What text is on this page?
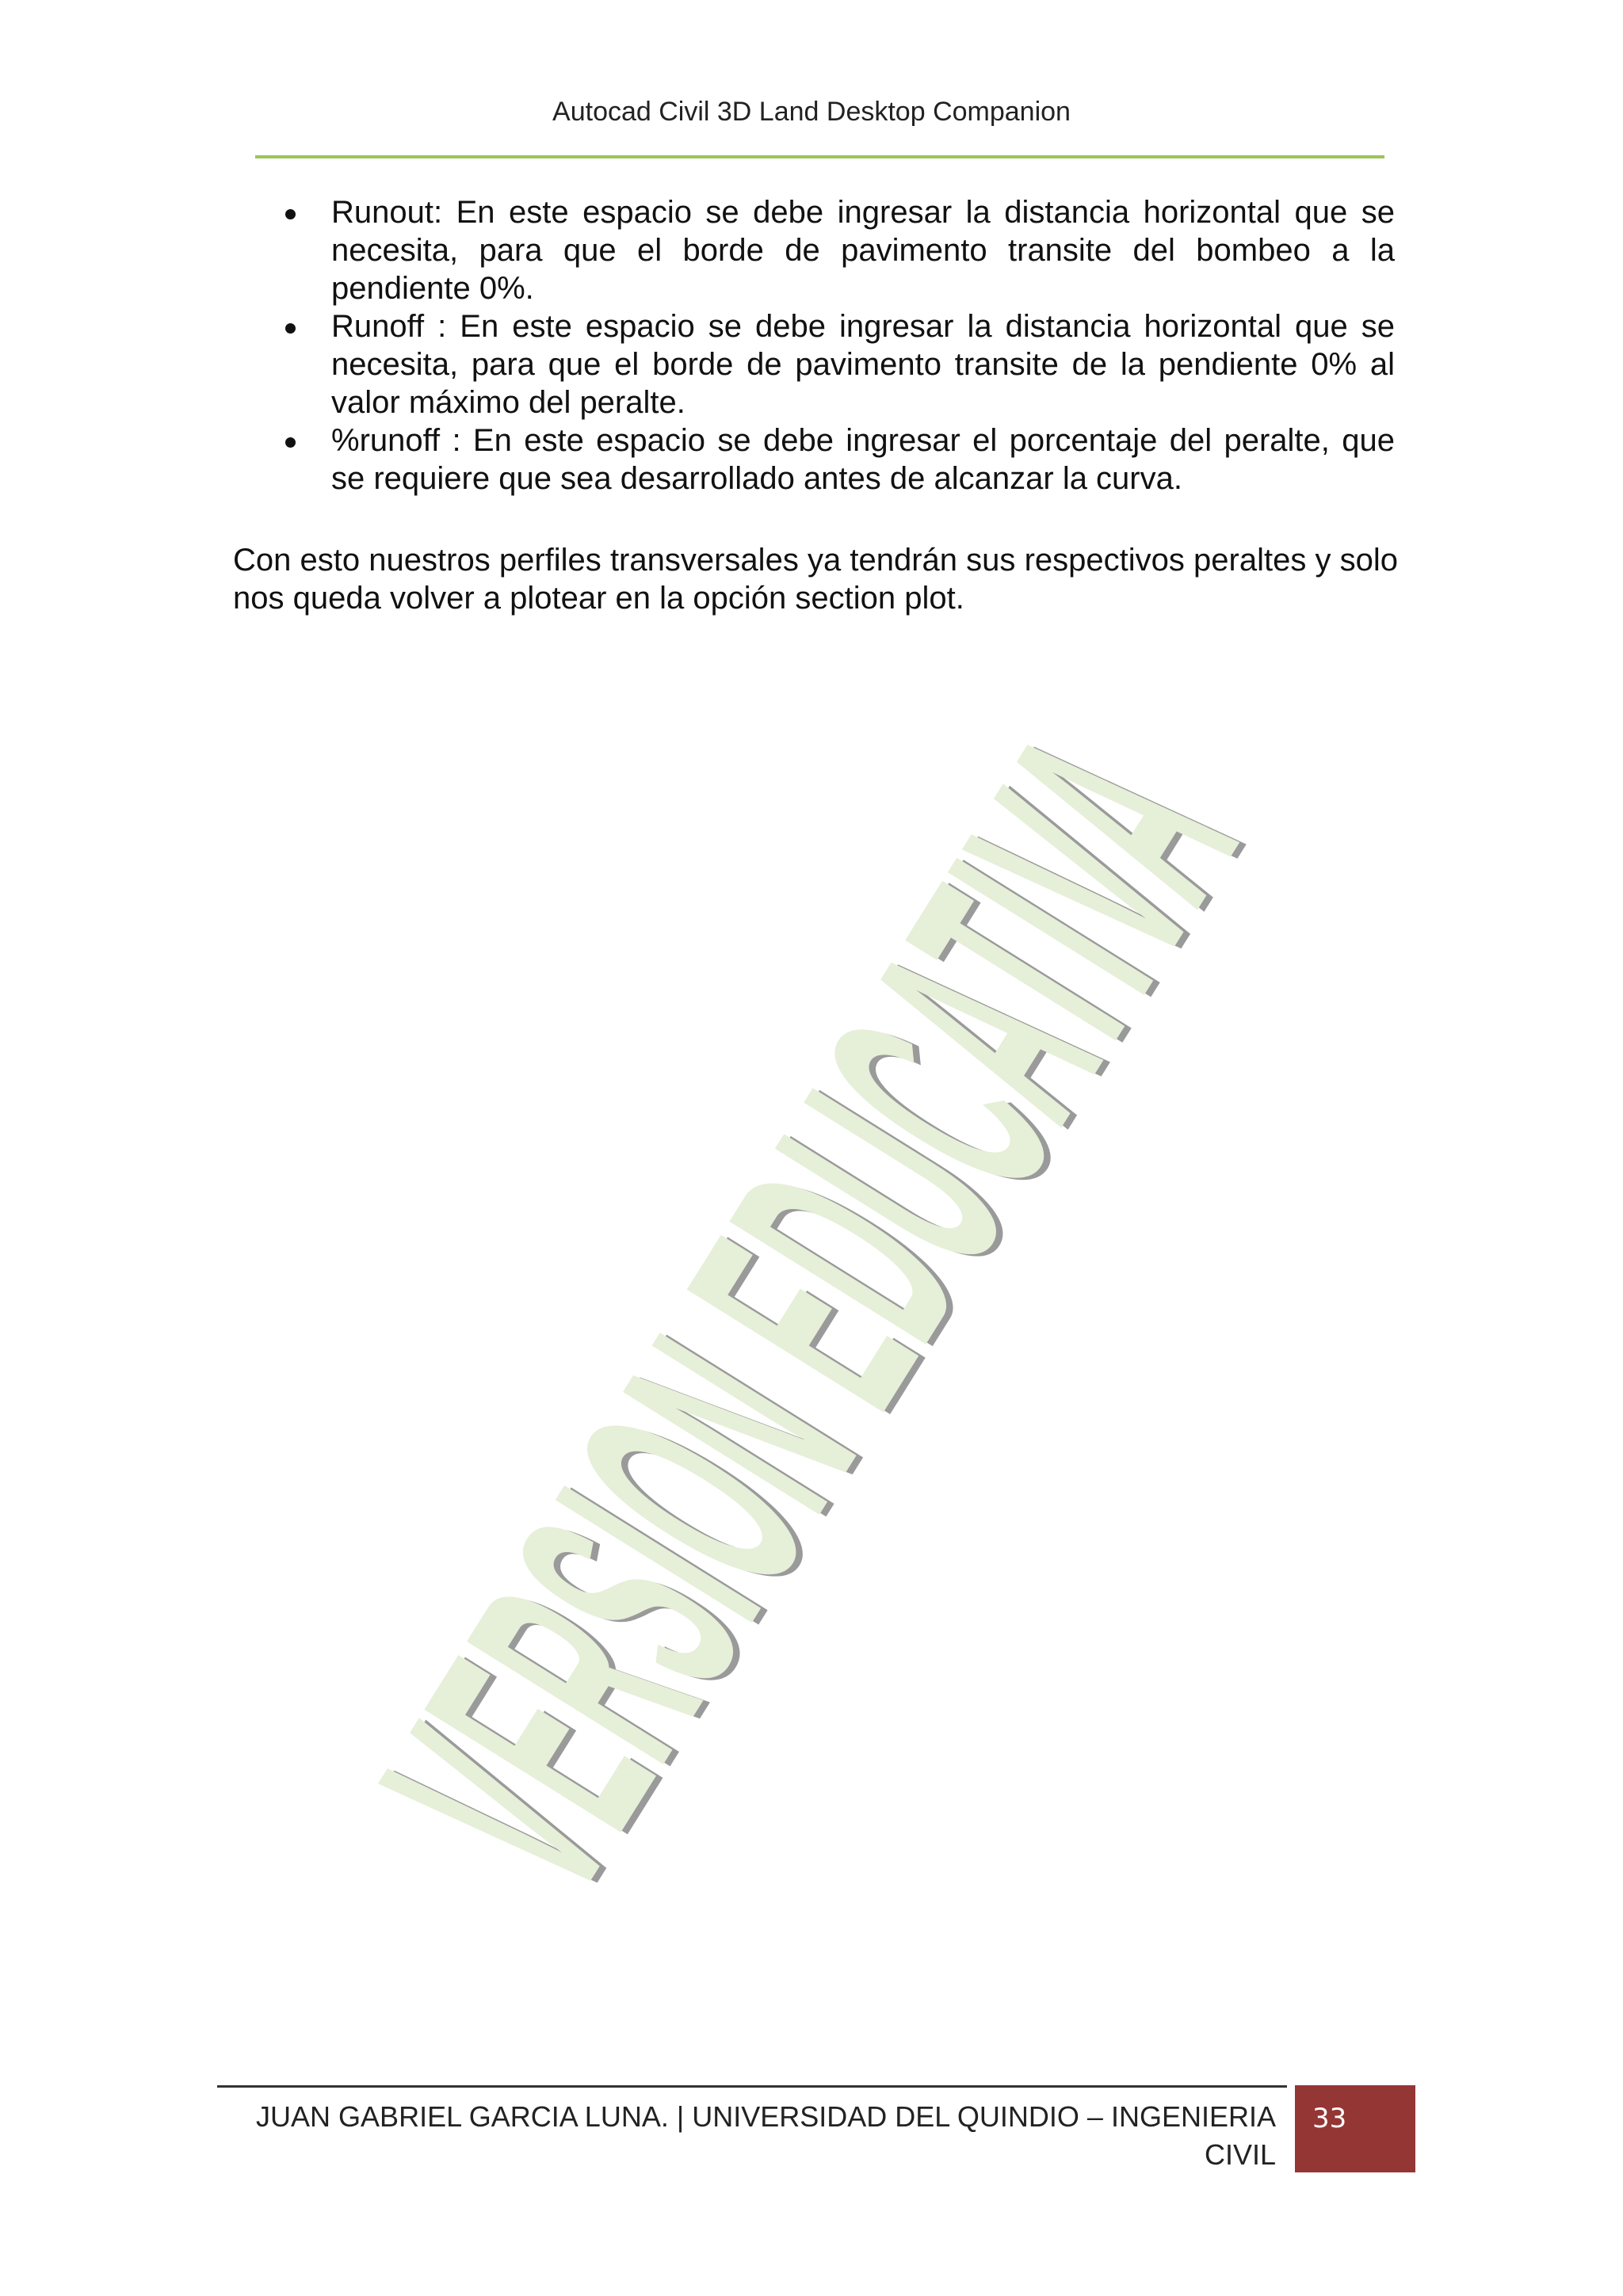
Autocad Civil 3D Land Desktop Companion
Runout: En este espacio se debe ingresar la distancia horizontal que se necesita, para que el borde de pavimento transite del bombeo a la pendiente 0%.
Runoff : En este espacio se debe ingresar la distancia horizontal que se necesita, para que el borde de pavimento transite de la pendiente 0% al valor máximo del peralte.
%runoff : En este espacio se debe ingresar el porcentaje del peralte, que se requiere que sea desarrollado antes de alcanzar la curva.

Con esto nuestros perfiles transversales ya tendrán sus respectivos peraltes y solo nos queda volver a plotear en la opción section plot.

VERSION EDUCATIVA
JUAN GABRIEL GARCIA LUNA. | UNIVERSIDAD DEL QUINDIO – INGENIERIA CIVIL
33
